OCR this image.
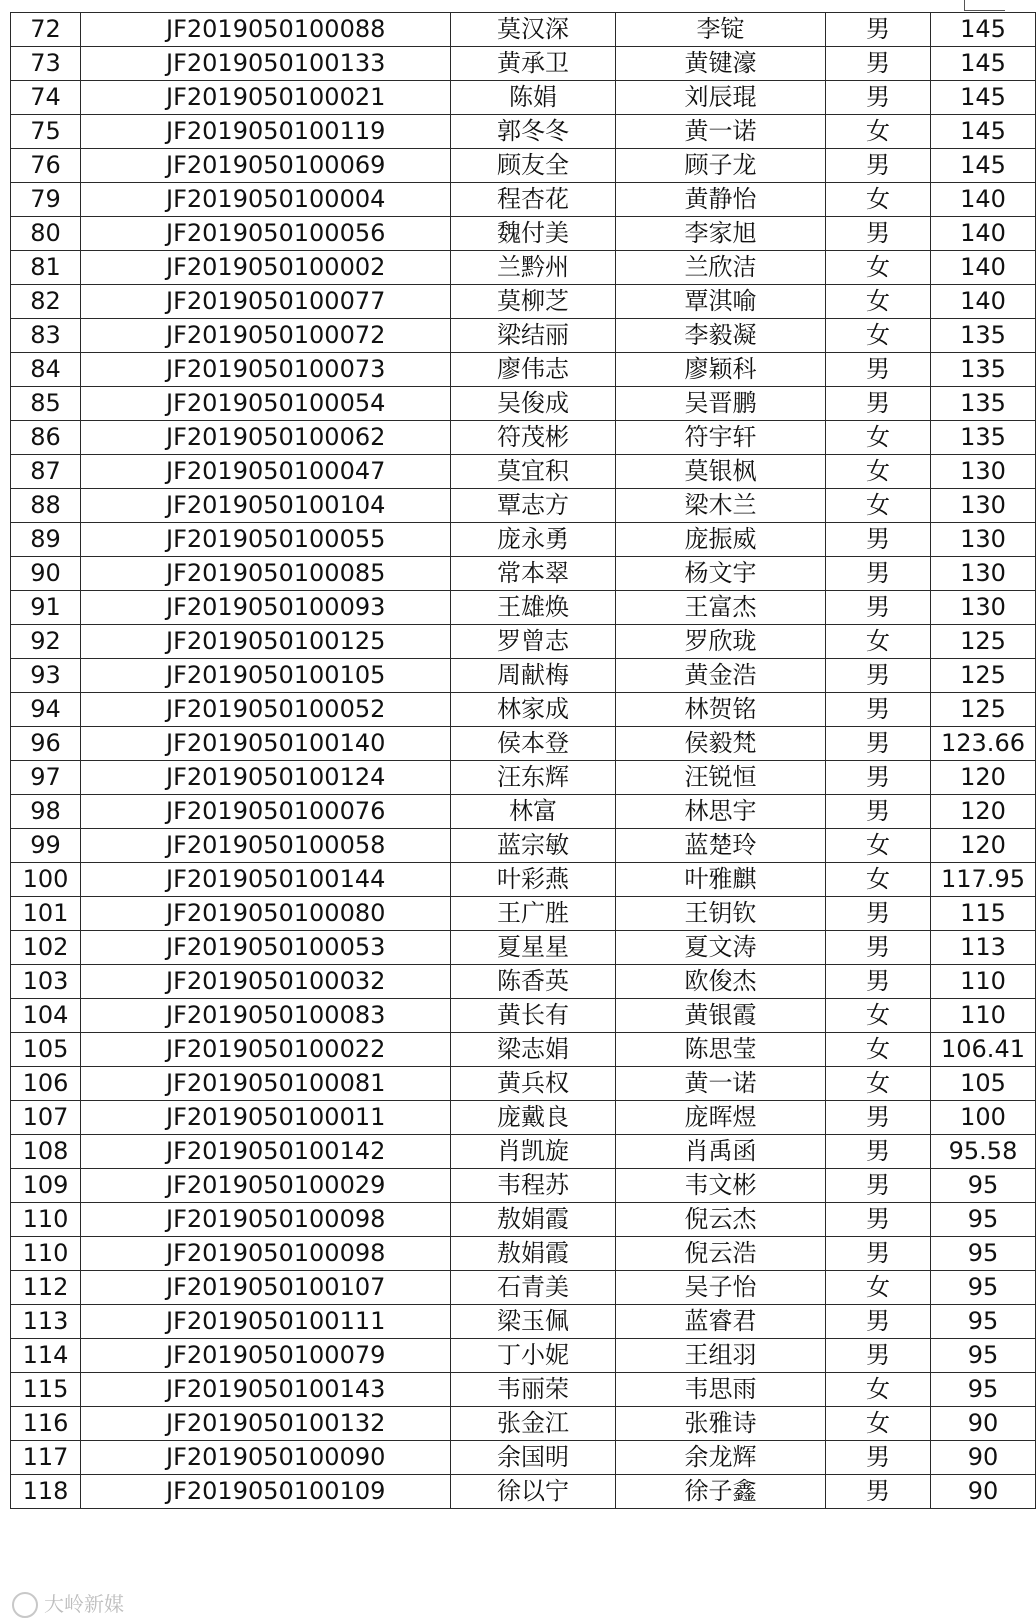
72	JF2019050100088	莫汉深	李锭	男	145
73	JF2019050100133	黄承卫	黄键濠	男	145
74	JF2019050100021	陈娟	刘辰琨	男	145
75	JF2019050100119	郭冬冬	黄一诺	女	145
76	JF2019050100069	顾友全	顾子龙	男	145
79	JF2019050100004	程杏花	黄静怡	女	140
80	JF2019050100056	魏付美	李家旭	男	140
81	JF2019050100002	兰黔州	兰欣洁	女	140
82	JF2019050100077	莫柳芝	覃淇喻	女	140
83	JF2019050100072	梁结丽	李毅凝	女	135
84	JF2019050100073	廖伟志	廖颖科	男	135
85	JF2019050100054	吴俊成	吴晋鹏	男	135
86	JF2019050100062	符茂彬	符宇轩	女	135
87	JF2019050100047	莫宜积	莫银枫	女	130
88	JF2019050100104	覃志方	梁木兰	女	130
89	JF2019050100055	庞永勇	庞振威	男	130
90	JF2019050100085	常本翠	杨文宇	男	130
91	JF2019050100093	王雄焕	王富杰	男	130
92	JF2019050100125	罗曾志	罗欣珑	女	125
93	JF2019050100105	周献梅	黄金浩	男	125
94	JF2019050100052	林家成	林贺铭	男	125
96	JF2019050100140	侯本登	侯毅梵	男	123.66
97	JF2019050100124	汪东辉	汪锐恒	男	120
98	JF2019050100076	林富	林思宇	男	120
99	JF2019050100058	蓝宗敏	蓝楚玲	女	120
100	JF2019050100144	叶彩燕	叶雅麒	女	117.95
101	JF2019050100080	王广胜	王钥钦	男	115
102	JF2019050100053	夏星星	夏文涛	男	113
103	JF2019050100032	陈香英	欧俊杰	男	110
104	JF2019050100083	黄长有	黄银霞	女	110
105	JF2019050100022	梁志娟	陈思莹	女	106.41
106	JF2019050100081	黄兵权	黄一诺	女	105
107	JF2019050100011	庞戴良	庞晖煜	男	100
108	JF2019050100142	肖凯旋	肖禹函	男	95.58
109	JF2019050100029	韦程苏	韦文彬	男	95
110	JF2019050100098	敖娟霞	倪云杰	男	95
110	JF2019050100098	敖娟霞	倪云浩	男	95
112	JF2019050100107	石青美	吴子怡	女	95
113	JF2019050100111	梁玉佩	蓝睿君	男	95
114	JF2019050100079	丁小妮	王组羽	男	95
115	JF2019050100143	韦丽荣	韦思雨	女	95
116	JF2019050100132	张金江	张雅诗	女	90
117	JF2019050100090	余国明	余龙辉	男	90
118	JF2019050100109	徐以宁	徐子鑫	男	90
大岭新媒
